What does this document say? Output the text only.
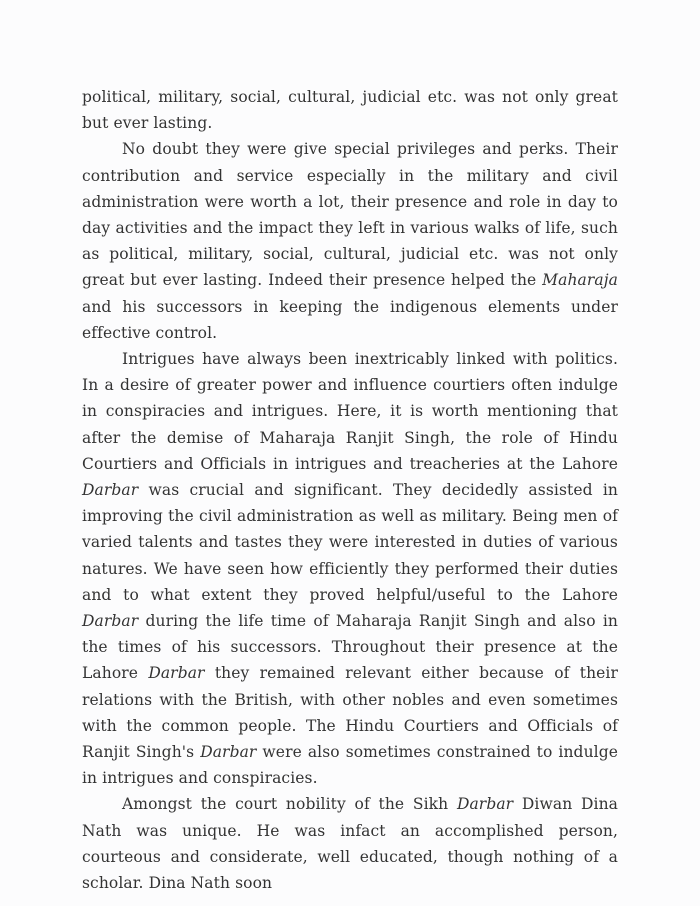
political, military, social, cultural, judicial etc. was not only great but ever lasting.

No doubt they were give special privileges and perks. Their contribution and service especially in the military and civil administration were worth a lot, their presence and role in day to day activities and the impact they left in various walks of life, such as political, military, social, cultural, judicial etc. was not only great but ever lasting. Indeed their presence helped the Maharaja and his successors in keeping the indigenous elements under effective control.

Intrigues have always been inextricably linked with politics. In a desire of greater power and influence courtiers often indulge in conspiracies and intrigues. Here, it is worth mentioning that after the demise of Maharaja Ranjit Singh, the role of Hindu Courtiers and Officials in intrigues and treacheries at the Lahore Darbar was crucial and significant. They decidedly assisted in improving the civil administration as well as military. Being men of varied talents and tastes they were interested in duties of various natures. We have seen how efficiently they performed their duties and to what extent they proved helpful/useful to the Lahore Darbar during the life time of Maharaja Ranjit Singh and also in the times of his successors. Throughout their presence at the Lahore Darbar they remained relevant either because of their relations with the British, with other nobles and even sometimes with the common people. The Hindu Courtiers and Officials of Ranjit Singh's Darbar were also sometimes constrained to indulge in intrigues and conspiracies.

Amongst the court nobility of the Sikh Darbar Diwan Dina Nath was unique. He was infact an accomplished person, courteous and considerate, well educated, though nothing of a scholar. Dina Nath soon
